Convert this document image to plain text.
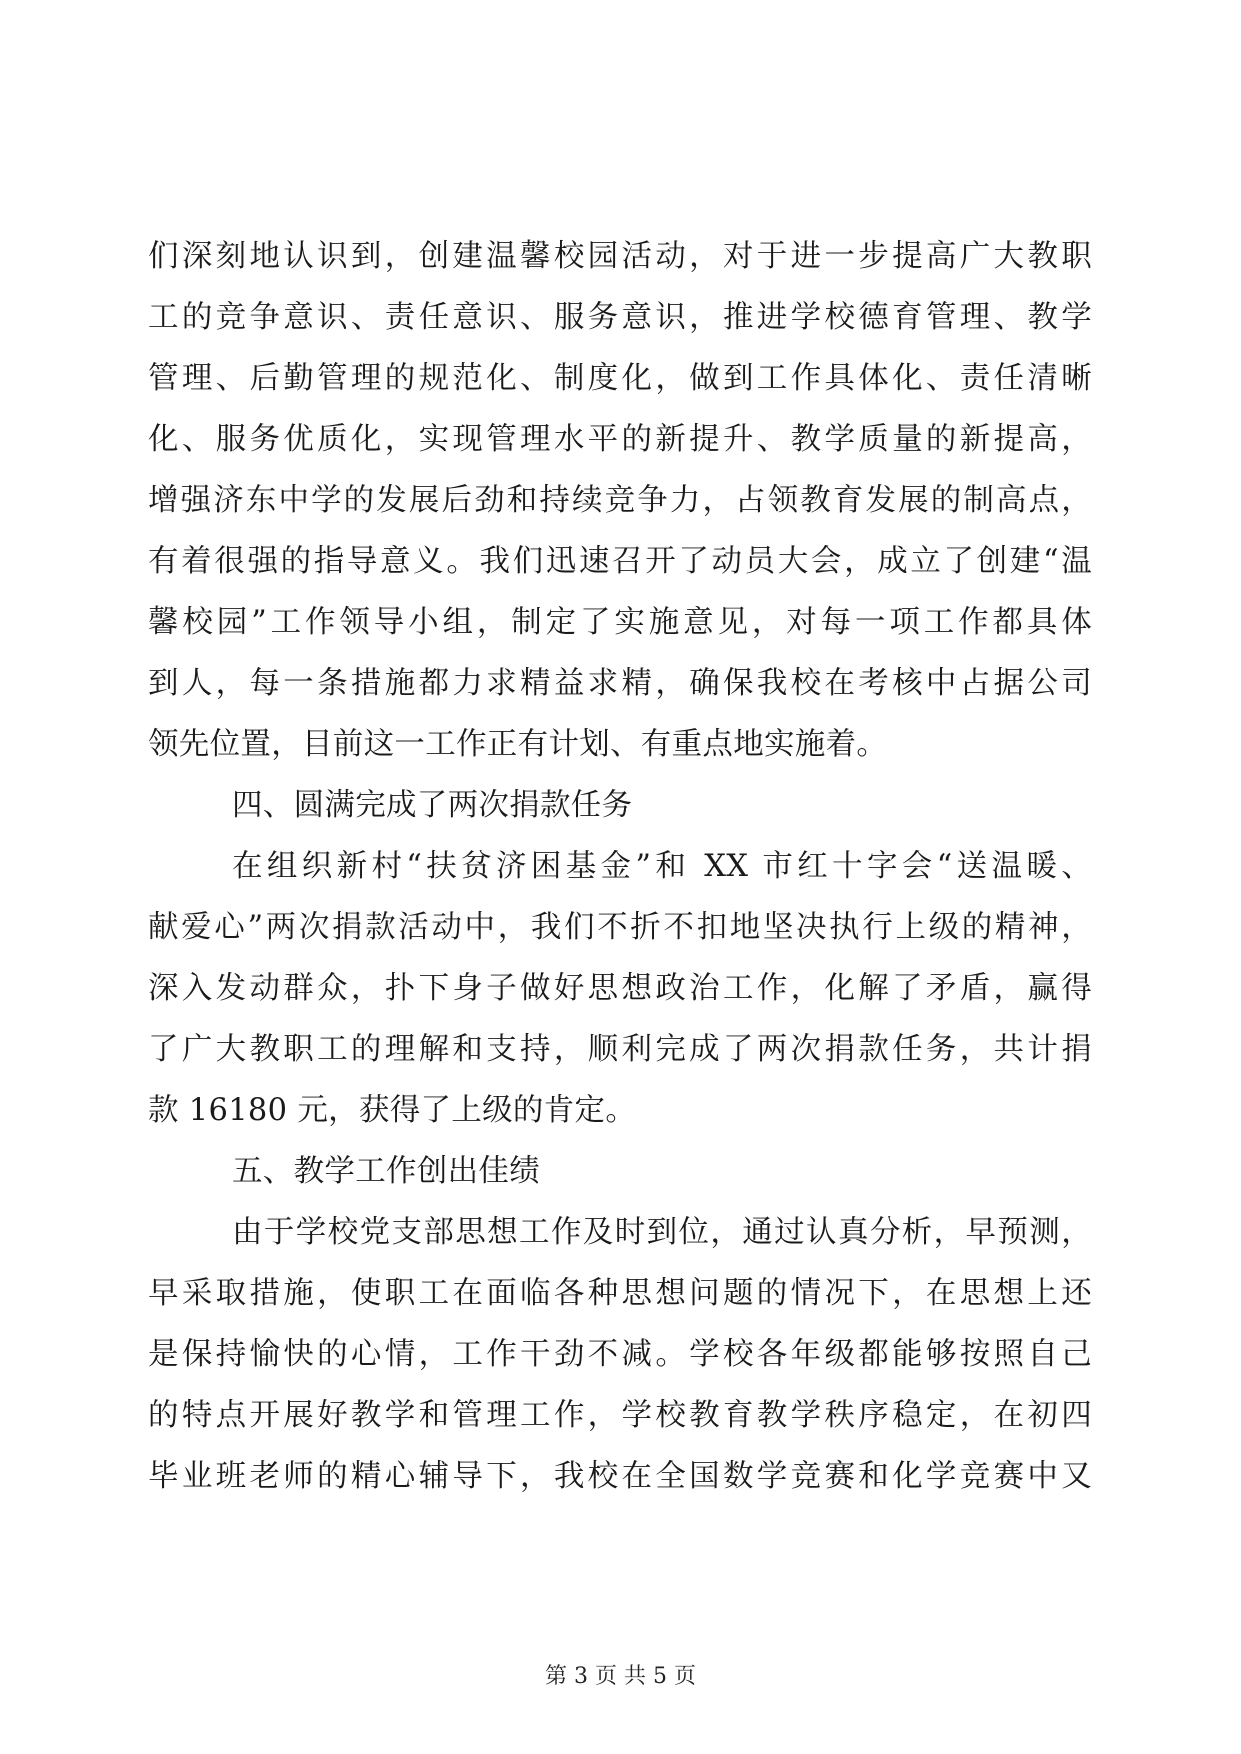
们深刻地认识到，创建温馨校园活动，对于进一步提高广大教职
工的竞争意识、责任意识、服务意识，推进学校德育管理、教学
管理、后勤管理的规范化、制度化，做到工作具体化、责任清晰
化、服务优质化，实现管理水平的新提升、教学质量的新提高，
增强济东中学的发展后劲和持续竞争力，占领教育发展的制高点，
有着很强的指导意义。我们迅速召开了动员大会，成立了创建“温
馨校园”工作领导小组，制定了实施意见，对每一项工作都具体
到人，每一条措施都力求精益求精，确保我校在考核中占据公司
领先位置，目前这一工作正有计划、有重点地实施着。
四、圆满完成了两次捐款任务
在组织新村“扶贫济困基金”和 XX 市红十字会“送温暖、
献爱心”两次捐款活动中，我们不折不扣地坚决执行上级的精神，
深入发动群众，扑下身子做好思想政治工作，化解了矛盾，赢得
了广大教职工的理解和支持，顺利完成了两次捐款任务，共计捐
款 16180 元，获得了上级的肯定。
五、教学工作创出佳绩
由于学校党支部思想工作及时到位，通过认真分析，早预测，
早采取措施，使职工在面临各种思想问题的情况下，在思想上还
是保持愉快的心情，工作干劲不减。学校各年级都能够按照自己
的特点开展好教学和管理工作，学校教育教学秩序稳定，在初四
毕业班老师的精心辅导下，我校在全国数学竞赛和化学竞赛中又
第 3 页 共 5 页
